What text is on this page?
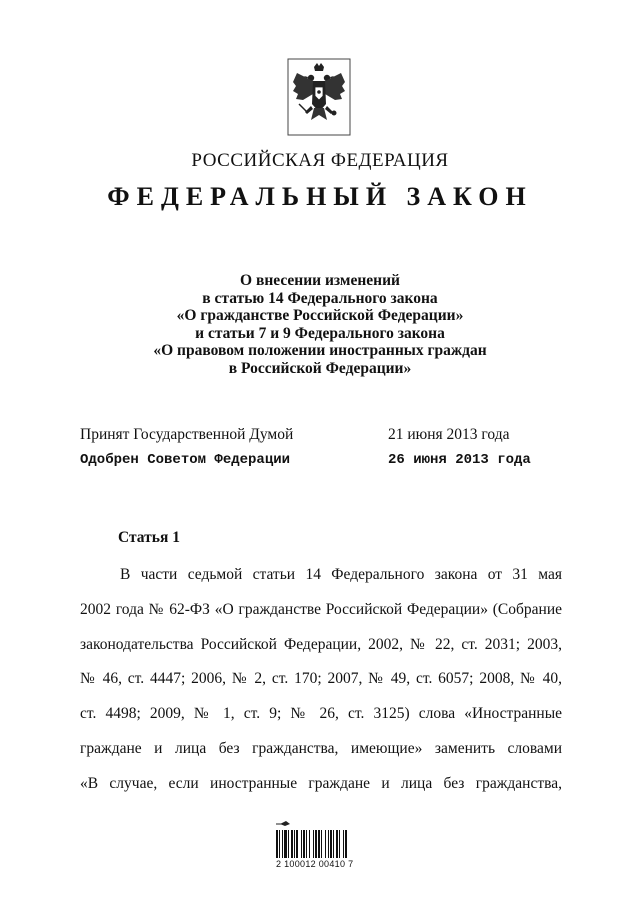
РОССИЙСКАЯ ФЕДЕРАЦИЯ
ФЕДЕРАЛЬНЫЙ ЗАКОН
О внесении изменений
в статью 14 Федерального закона
«О гражданстве Российской Федерации»
и статьи 7 и 9 Федерального закона
«О правовом положении иностранных граждан
в Российской Федерации»
Принят Государственной Думой	21 июня 2013 года
Одобрен Советом Федерации	26 июня 2013 года
Статья 1
В части седьмой статьи 14 Федерального закона от 31 мая
2002 года № 62-ФЗ «О гражданстве Российской Федерации» (Собрание
законодательства Российской Федерации, 2002, № 22, ст. 2031; 2003,
№ 46, ст. 4447; 2006, № 2, ст. 170; 2007, № 49, ст. 6057; 2008, № 40,
ст. 4498; 2009, № 1, ст. 9; № 26, ст. 3125) слова «Иностранные
граждане и лица без гражданства, имеющие» заменить словами
«В случае, если иностранные граждане и лица без гражданства,
2 100012 00410 7
